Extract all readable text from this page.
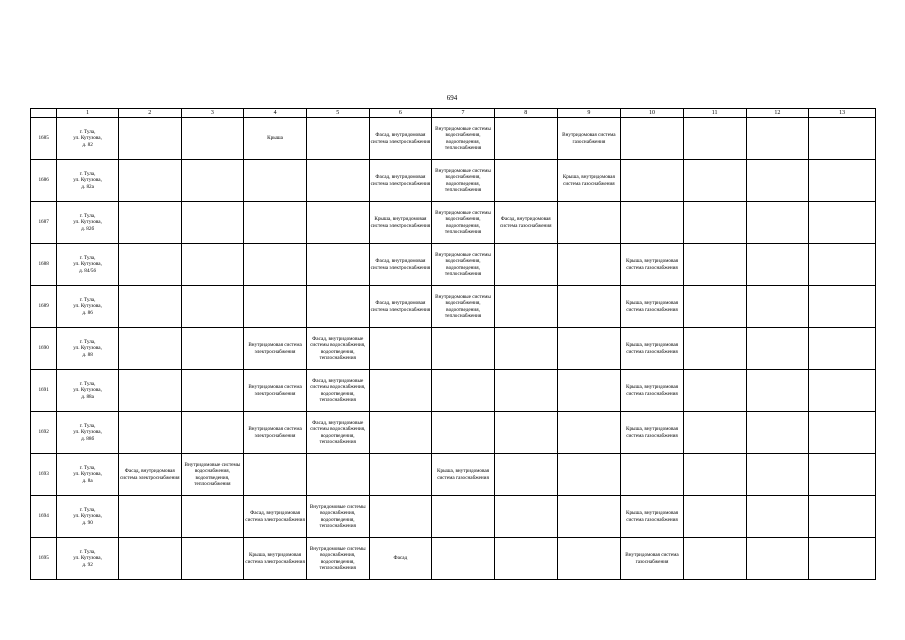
694
	1	2	3	4	5	6	7	8	9	10	11	12	13
1685	г. Тула,
ул. Кутузова,
д. 82			Крыша		Фасад, внутридомовая система электроснабжения	Внутридомовые системы водоснабжения, водоотведения, теплоснабжения		Внутридомовая система газоснабжения				
1686	г. Тула,
ул. Кутузова,
д. 82а					Фасад, внутридомовая система электроснабжения	Внутридомовые системы водоснабжения, водоотведения, теплоснабжения		Крыша, внутридомовая система газоснабжения				
1687	г. Тула,
ул. Кутузова,
д. 82б					Крыша, внутридомовая система электроснабжения	Внутридомовые системы водоснабжения, водоотведения, теплоснабжения	Фасад, внутридомовая система газоснабжения					
1688	г. Тула,
ул. Кутузова,
д. 84/56					Фасад, внутридомовая система электроснабжения	Внутридомовые системы водоснабжения, водоотведения, теплоснабжения			Крыша, внутридомовая система газоснабжения			
1689	г. Тула,
ул. Кутузова,
д. 86					Фасад, внутридомовая система электроснабжения	Внутридомовые системы водоснабжения, водоотведения, теплоснабжения			Крыша, внутридомовая система газоснабжения			
1690	г. Тула,
ул. Кутузова,
д. 88			Внутридомовая система электроснабжения	Фасад, внутридомовые системы водоснабжения, водоотведения, теплоснабжения					Крыша, внутридомовая система газоснабжения			
1691	г. Тула,
ул. Кутузова,
д. 88а			Внутридомовая система электроснабжения	Фасад, внутридомовые системы водоснабжения, водоотведения, теплоснабжения					Крыша, внутридомовая система газоснабжения			
1692	г. Тула,
ул. Кутузова,
д. 88б			Внутридомовая система электроснабжения	Фасад, внутридомовые системы водоснабжения, водоотведения, теплоснабжения					Крыша, внутридомовая система газоснабжения			
1693	г. Тула,
ул. Кутузова,
д. 8а	Фасад, внутридомовая система электроснабжения	Внутридомовые системы водоснабжения, водоотведения, теплоснабжения				Крыша, внутридомовая система газоснабжения						
1694	г. Тула,
ул. Кутузова,
д. 90			Фасад, внутридомовая система электроснабжения	Внутридомовые системы водоснабжения, водоотведения, теплоснабжения					Крыша, внутридомовая система газоснабжения			
1695	г. Тула,
ул. Кутузова,
д. 92			Крыша, внутридомовая система электроснабжения	Внутридомовые системы водоснабжения, водоотведения, теплоснабжения	Фасад				Внутридомовая система газоснабжения			
